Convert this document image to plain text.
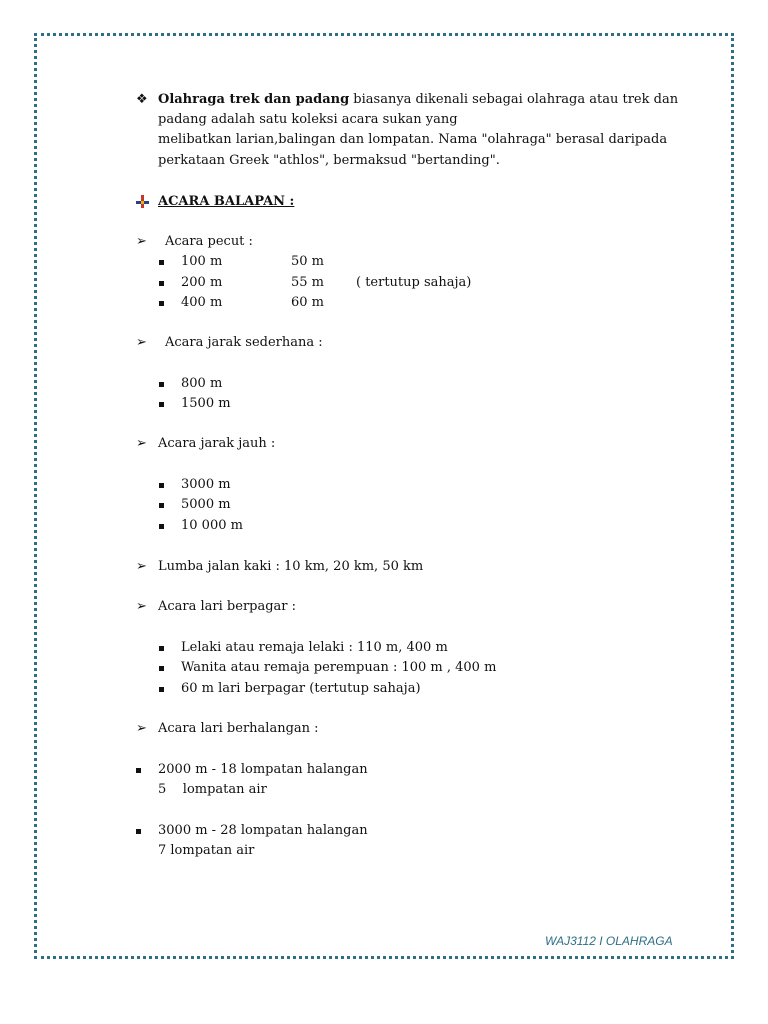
❖ Olahraga trek dan padang biasanya dikenali sebagai olahraga atau trek dan
padang adalah satu koleksi acara sukan yang
melibatkan larian,balingan dan lompatan. Nama "olahraga" berasal daripada
perkataan Greek "athlos", bermaksud "bertanding".
ACARA BALAPAN :
➢ Acara pecut :
100 m	50 m
200 m	55 m ( tertutup sahaja)
400 m	60 m
➢ Acara jarak sederhana :
800 m
1500 m
➢ Acara jarak jauh :
3000 m
5000 m
10 000 m
➢ Lumba jalan kaki : 10 km, 20 km, 50 km
➢ Acara lari berpagar :
Lelaki atau remaja lelaki : 110 m, 400 m
Wanita atau remaja perempuan : 100 m , 400 m
60 m lari berpagar (tertutup sahaja)
➢ Acara lari berhalangan :
2000 m - 18 lompatan halangan
5    lompatan air
3000 m - 28 lompatan halangan
7 lompatan air
WAJ3112 I OLAHRAGA
